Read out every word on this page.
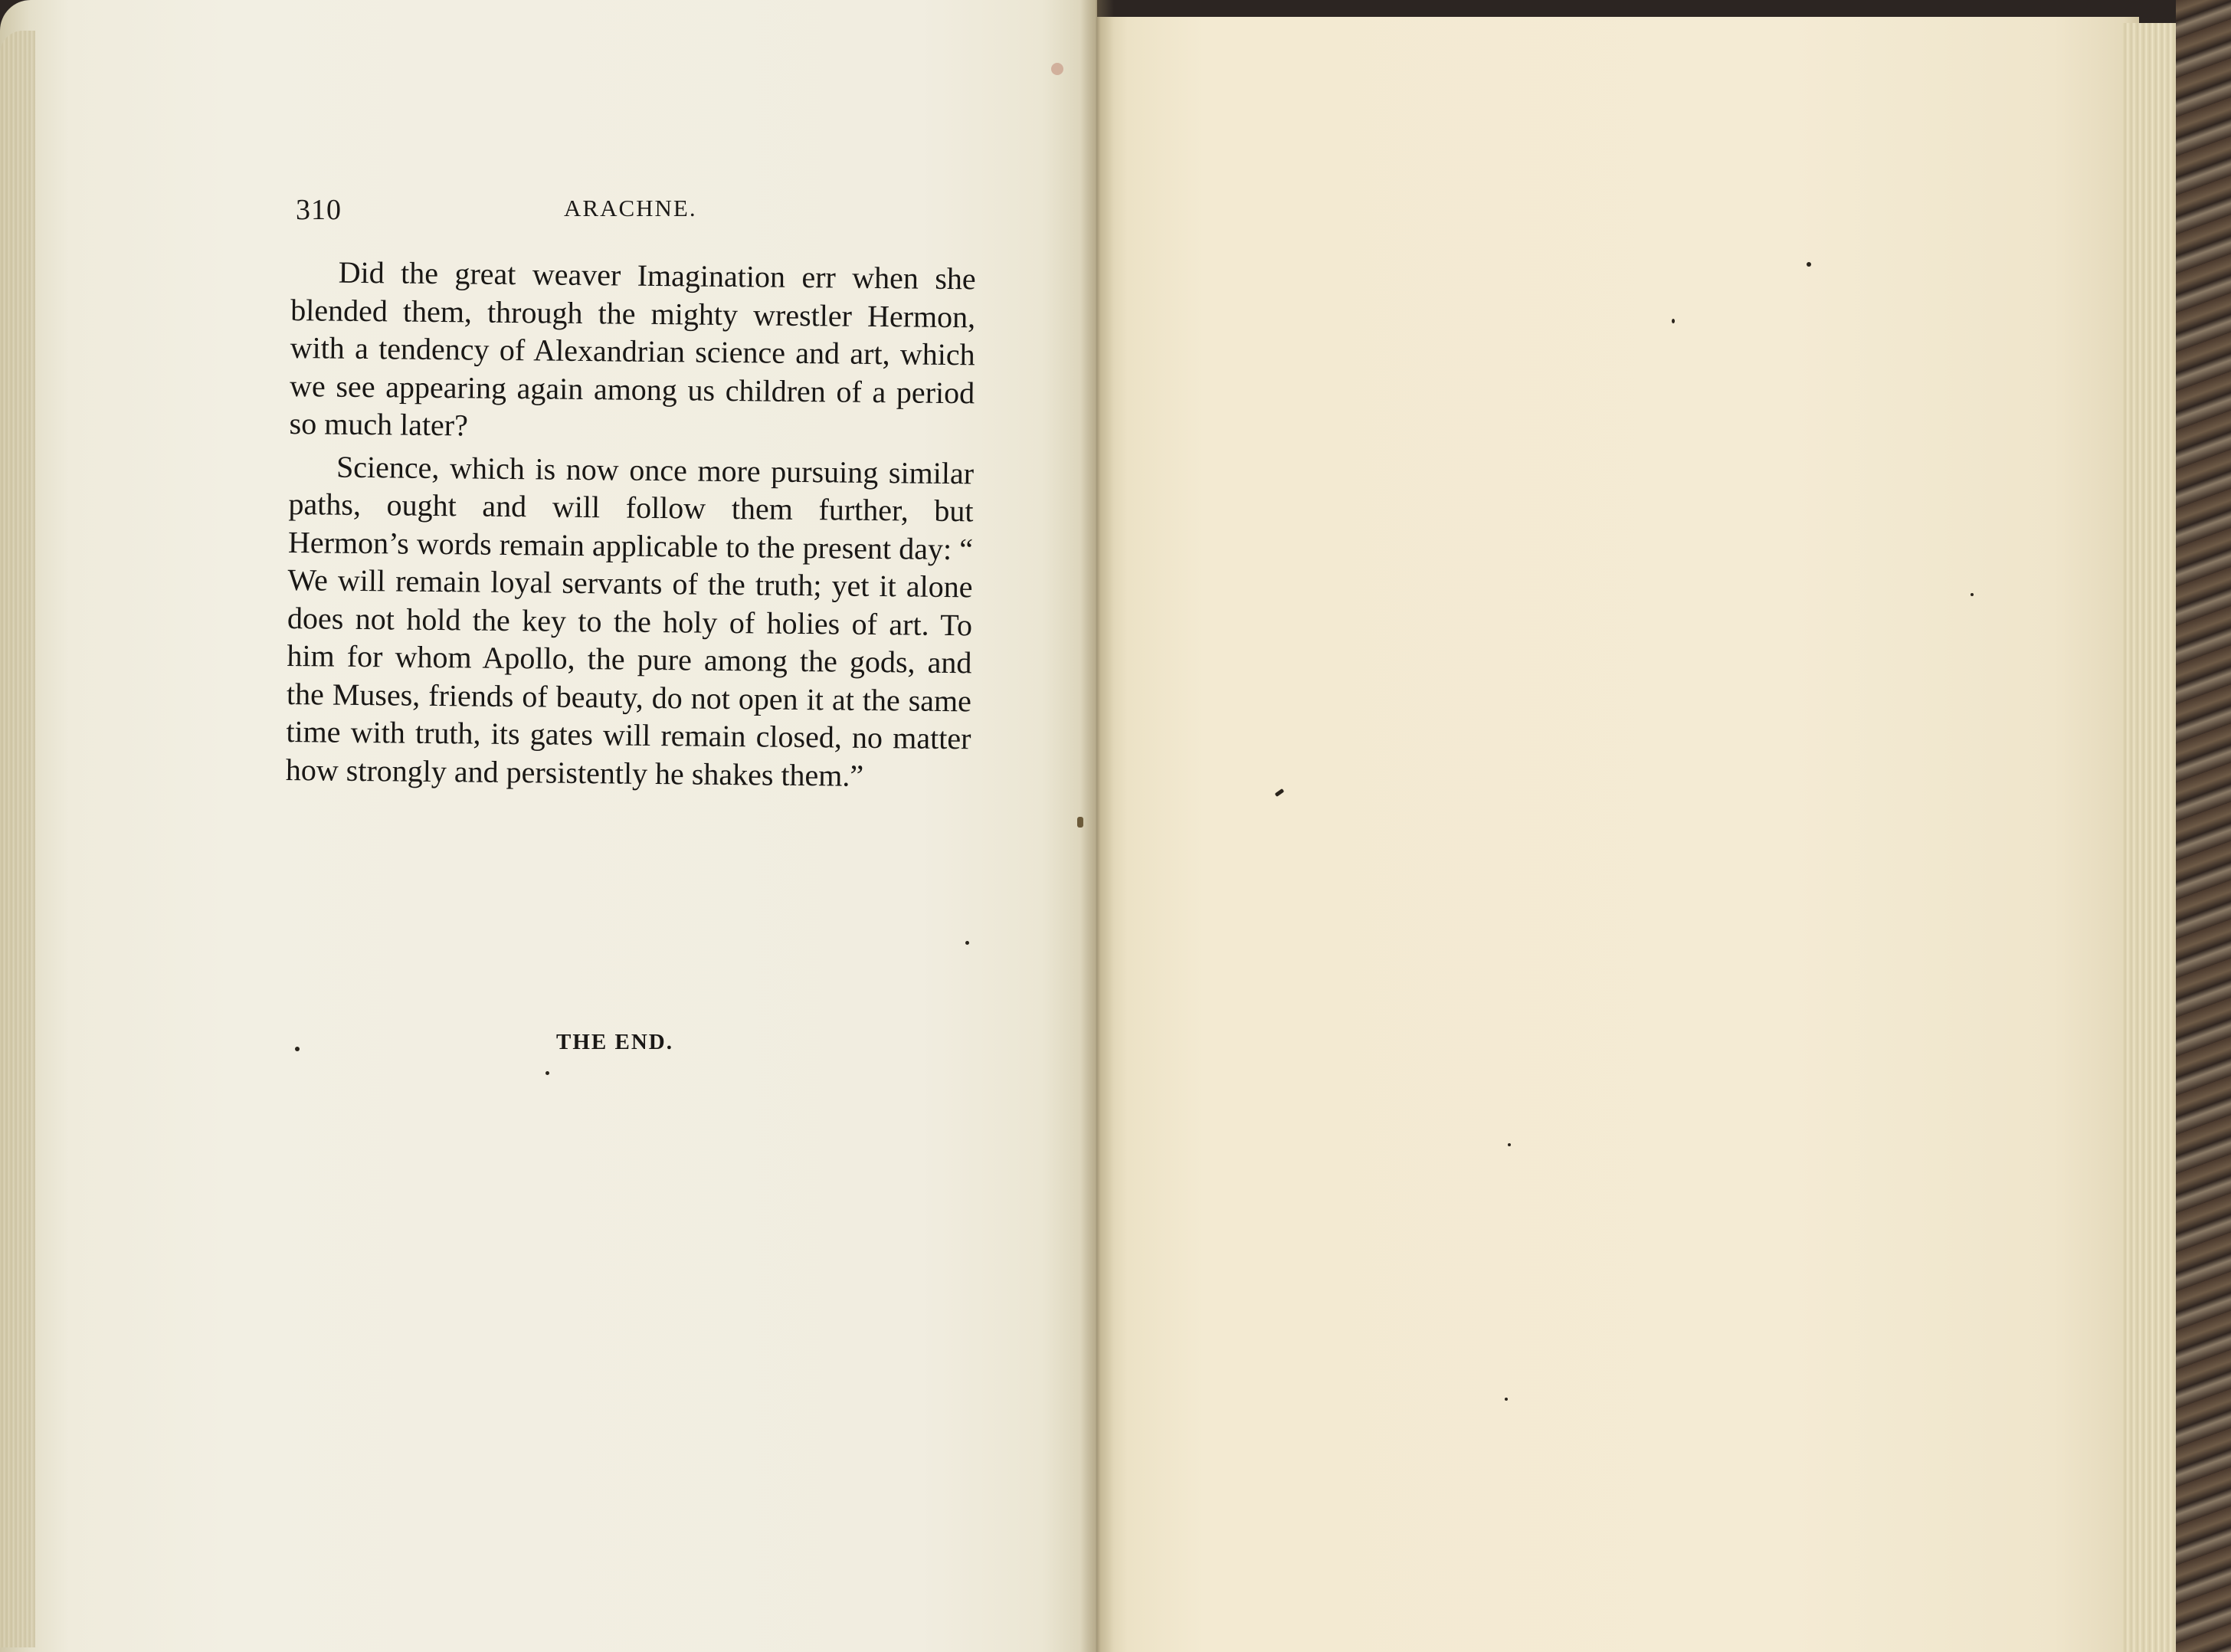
310	ARACHNE.

Did the great weaver Imagination err when she blended them, through the mighty wrestler Hermon, with a tendency of Alexandrian science and art, which we see appearing again among us children of a period so much later?

Science, which is now once more pursuing similar paths, ought and will follow them further, but Hermon’s words remain applicable to the present day: “ We will remain loyal servants of the truth; yet it alone does not hold the key to the holy of holies of art. To him for whom Apollo, the pure among the gods, and the Muses, friends of beauty, do not open it at the same time with truth, its gates will remain closed, no matter how strongly and persistently he shakes them.”

THE END.
